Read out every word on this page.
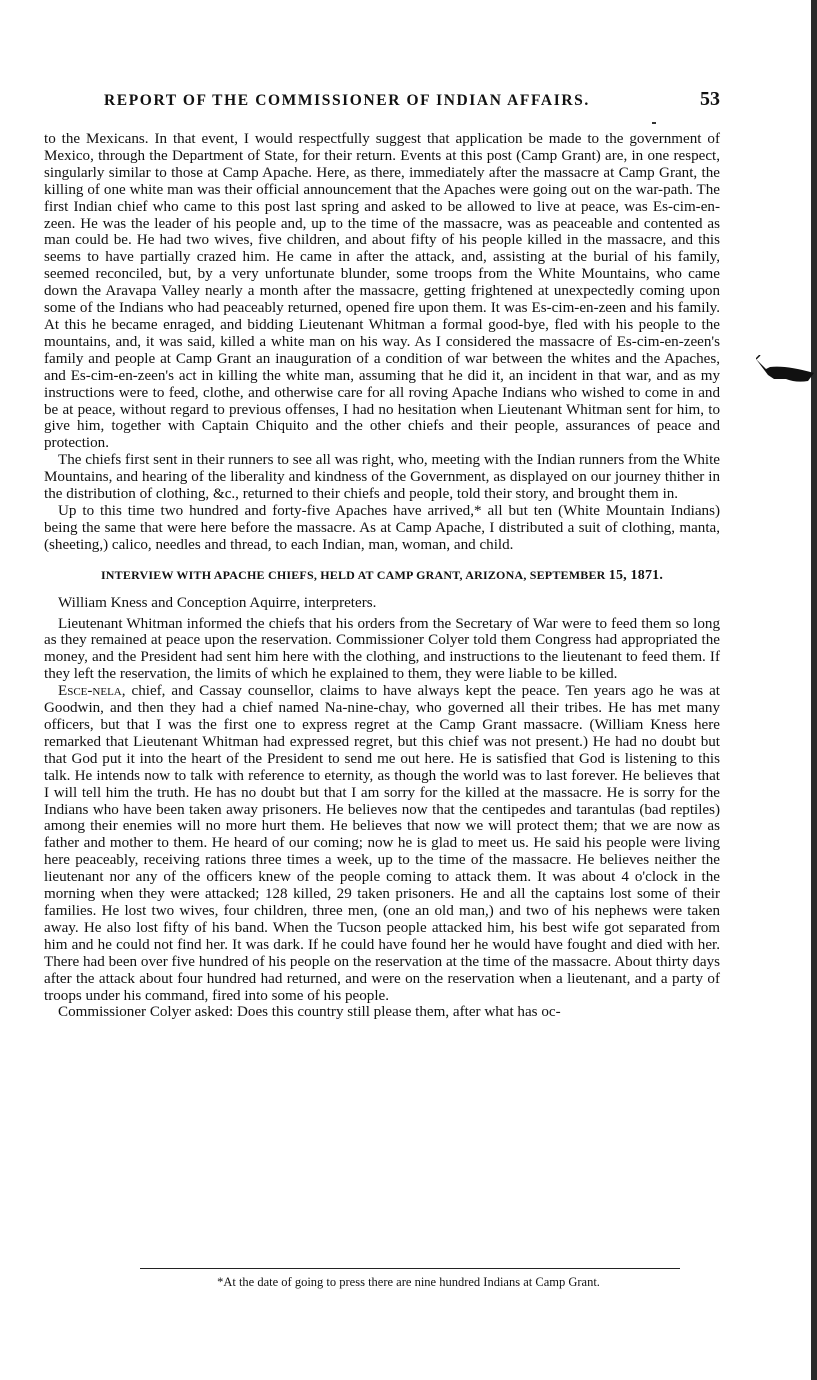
REPORT OF THE COMMISSIONER OF INDIAN AFFAIRS.	53

to the Mexicans. In that event, I would respectfully suggest that application be made to the government of Mexico, through the Department of State, for their return. Events at this post (Camp Grant) are, in one respect, singularly similar to those at Camp Apache. Here, as there, immediately after the massacre at Camp Grant, the killing of one white man was their official announcement that the Apaches were going out on the war-path. The first Indian chief who came to this post last spring and asked to be allowed to live at peace, was Es-cim-en-zeen. He was the leader of his people and, up to the time of the massacre, was as peaceable and contented as man could be. He had two wives, five children, and about fifty of his people killed in the massacre, and this seems to have partially crazed him. He came in after the attack, and, assisting at the burial of his family, seemed reconciled, but, by a very unfortunate blunder, some troops from the White Mountains, who came down the Aravapa Valley nearly a month after the massacre, getting frightened at unexpectedly coming upon some of the Indians who had peaceably returned, opened fire upon them. It was Es-cim-en-zeen and his family. At this he became enraged, and bidding Lieutenant Whitman a formal good-bye, fled with his people to the mountains, and, it was said, killed a white man on his way. As I considered the massacre of Es-cim-en-zeen's family and people at Camp Grant an inauguration of a condition of war between the whites and the Apaches, and Es-cim-en-zeen's act in killing the white man, assuming that he did it, an incident in that war, and as my instructions were to feed, clothe, and otherwise care for all roving Apache Indians who wished to come in and be at peace, without regard to previous offenses, I had no hesitation when Lieutenant Whitman sent for him, to give him, together with Captain Chiquito and the other chiefs and their people, assurances of peace and protection.

The chiefs first sent in their runners to see all was right, who, meeting with the Indian runners from the White Mountains, and hearing of the liberality and kindness of the Government, as displayed on our journey thither in the distribution of clothing, &c., returned to their chiefs and people, told their story, and brought them in.

Up to this time two hundred and forty-five Apaches have arrived,* all but ten (White Mountain Indians) being the same that were here before the massacre. As at Camp Apache, I distributed a suit of clothing, manta, (sheeting,) calico, needles and thread, to each Indian, man, woman, and child.

INTERVIEW WITH APACHE CHIEFS, HELD AT CAMP GRANT, ARIZONA, SEPTEMBER 15, 1871.

William Kness and Conception Aquirre, interpreters.

Lieutenant Whitman informed the chiefs that his orders from the Secretary of War were to feed them so long as they remained at peace upon the reservation. Commissioner Colyer told them Congress had appropriated the money, and the President had sent him here with the clothing, and instructions to the lieutenant to feed them. If they left the reservation, the limits of which he explained to them, they were liable to be killed.

Esce-nela, chief, and Cassay counsellor, claims to have always kept the peace. Ten years ago he was at Goodwin, and then they had a chief named Na-nine-chay, who governed all their tribes. He has met many officers, but that I was the first one to express regret at the Camp Grant massacre. (William Kness here remarked that Lieutenant Whitman had expressed regret, but this chief was not present.) He had no doubt but that God put it into the heart of the President to send me out here. He is satisfied that God is listening to this talk. He intends now to talk with reference to eternity, as though the world was to last forever. He believes that I will tell him the truth. He has no doubt but that I am sorry for the killed at the massacre. He is sorry for the Indians who have been taken away prisoners. He believes now that the centipedes and tarantulas (bad reptiles) among their enemies will no more hurt them. He believes that now we will protect them; that we are now as father and mother to them. He heard of our coming; now he is glad to meet us. He said his people were living here peaceably, receiving rations three times a week, up to the time of the massacre. He believes neither the lieutenant nor any of the officers knew of the people coming to attack them. It was about 4 o'clock in the morning when they were attacked; 128 killed, 29 taken prisoners. He and all the captains lost some of their families. He lost two wives, four children, three men, (one an old man,) and two of his nephews were taken away. He also lost fifty of his band. When the Tucson people attacked him, his best wife got separated from him and he could not find her. It was dark. If he could have found her he would have fought and died with her. There had been over five hundred of his people on the reservation at the time of the massacre. About thirty days after the attack about four hundred had returned, and were on the reservation when a lieutenant, and a party of troops under his command, fired into some of his people.

Commissioner Colyer asked: Does this country still please them, after what has oc-

*At the date of going to press there are nine hundred Indians at Camp Grant.
